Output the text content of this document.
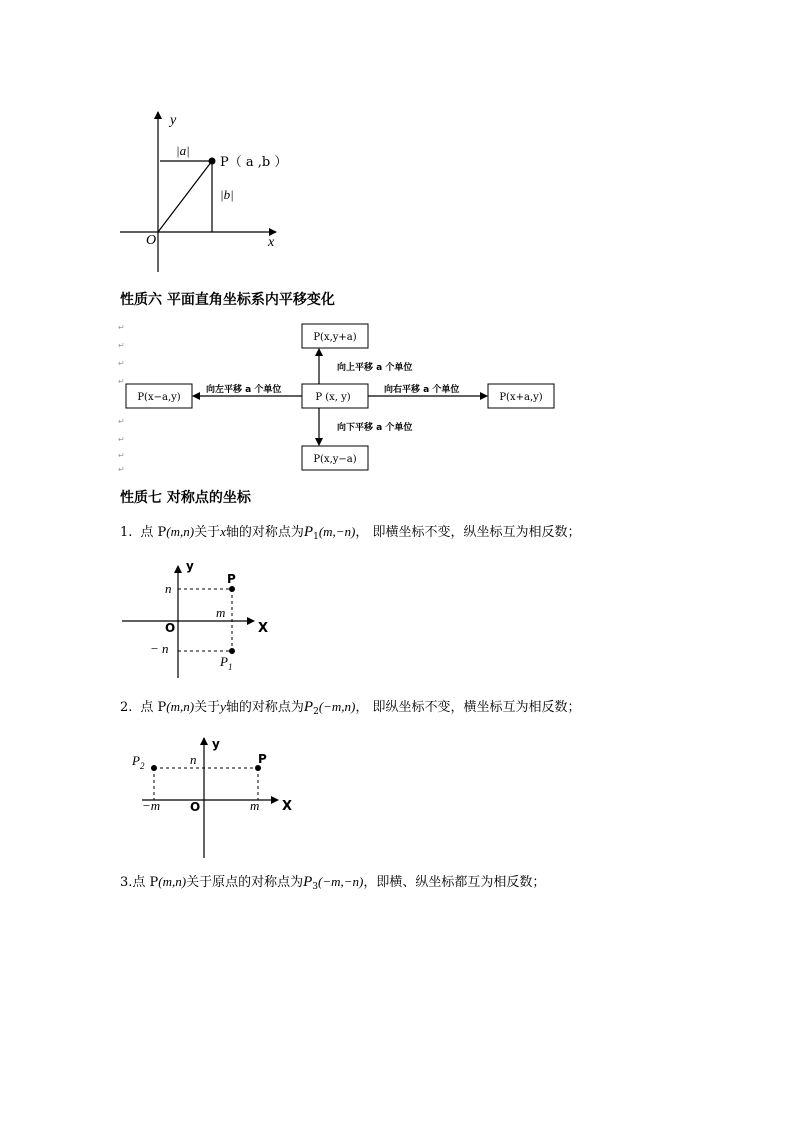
y
x
O
|a|
|b|
P（ a ,b ）
性质六 平面直角坐标系内平移变化
↵
↵
↵
↵
↵
↵
↵
↵
P(x,y+a)
P (x, y)
P(x,y−a)
P(x−a,y)	P(x+a,y)
向上平移 a 个单位
向下平移 a 个单位
向左平移 a 个单位	向右平移 a 个单位
性质七 对称点的坐标
1. 点 P(m,n)关于x轴的对称点为$P_1(m,-n)$， 即横坐标不变，纵坐标互为相反数；
y
X
O
n
− n
m
P
$P_1$
2. 点 P(m,n)关于y轴的对称点为$P_2(-m,n)$， 即纵坐标不变，横坐标互为相反数；
y
X
O
n
−m	m
P
$P_2$
3.点 P(m,n)关于原点的对称点为$P_3(-m,-n)$，即横、纵坐标都互为相反数；
